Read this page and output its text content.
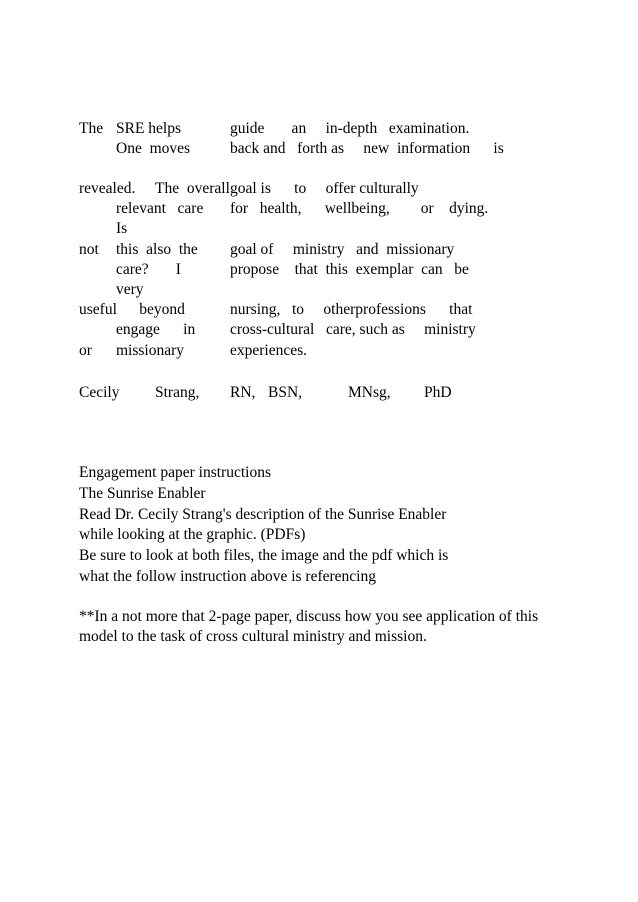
The

revealed.

not

useful

or

SRE helps

One  moves

The  overall

relevant   care

Is

this  also  the

care?       I

very

beyond

engage      in

missionary

guide       an     in-depth   examination.

back and   forth as     new  information      is

goal is      to     offer culturally

for   health,      wellbeing,        or    dying.

goal of     ministry   and  missionary

propose    that  this  exemplar  can   be

nursing,   to     otherprofessions      that

cross-cultural   care, such as     ministry

experiences.

Cecily Strang, RN, BSN,	MNsg, PhD

Engagement paper instructions

The Sunrise Enabler

Read Dr. Cecily Strang's description of the Sunrise Enabler

while looking at the graphic. (PDFs)

Be sure to look at both files, the image and the pdf which is

what the follow instruction above is referencing

**In a not more that 2-page paper, discuss how you see application of this model to the task of cross cultural ministry and mission.
